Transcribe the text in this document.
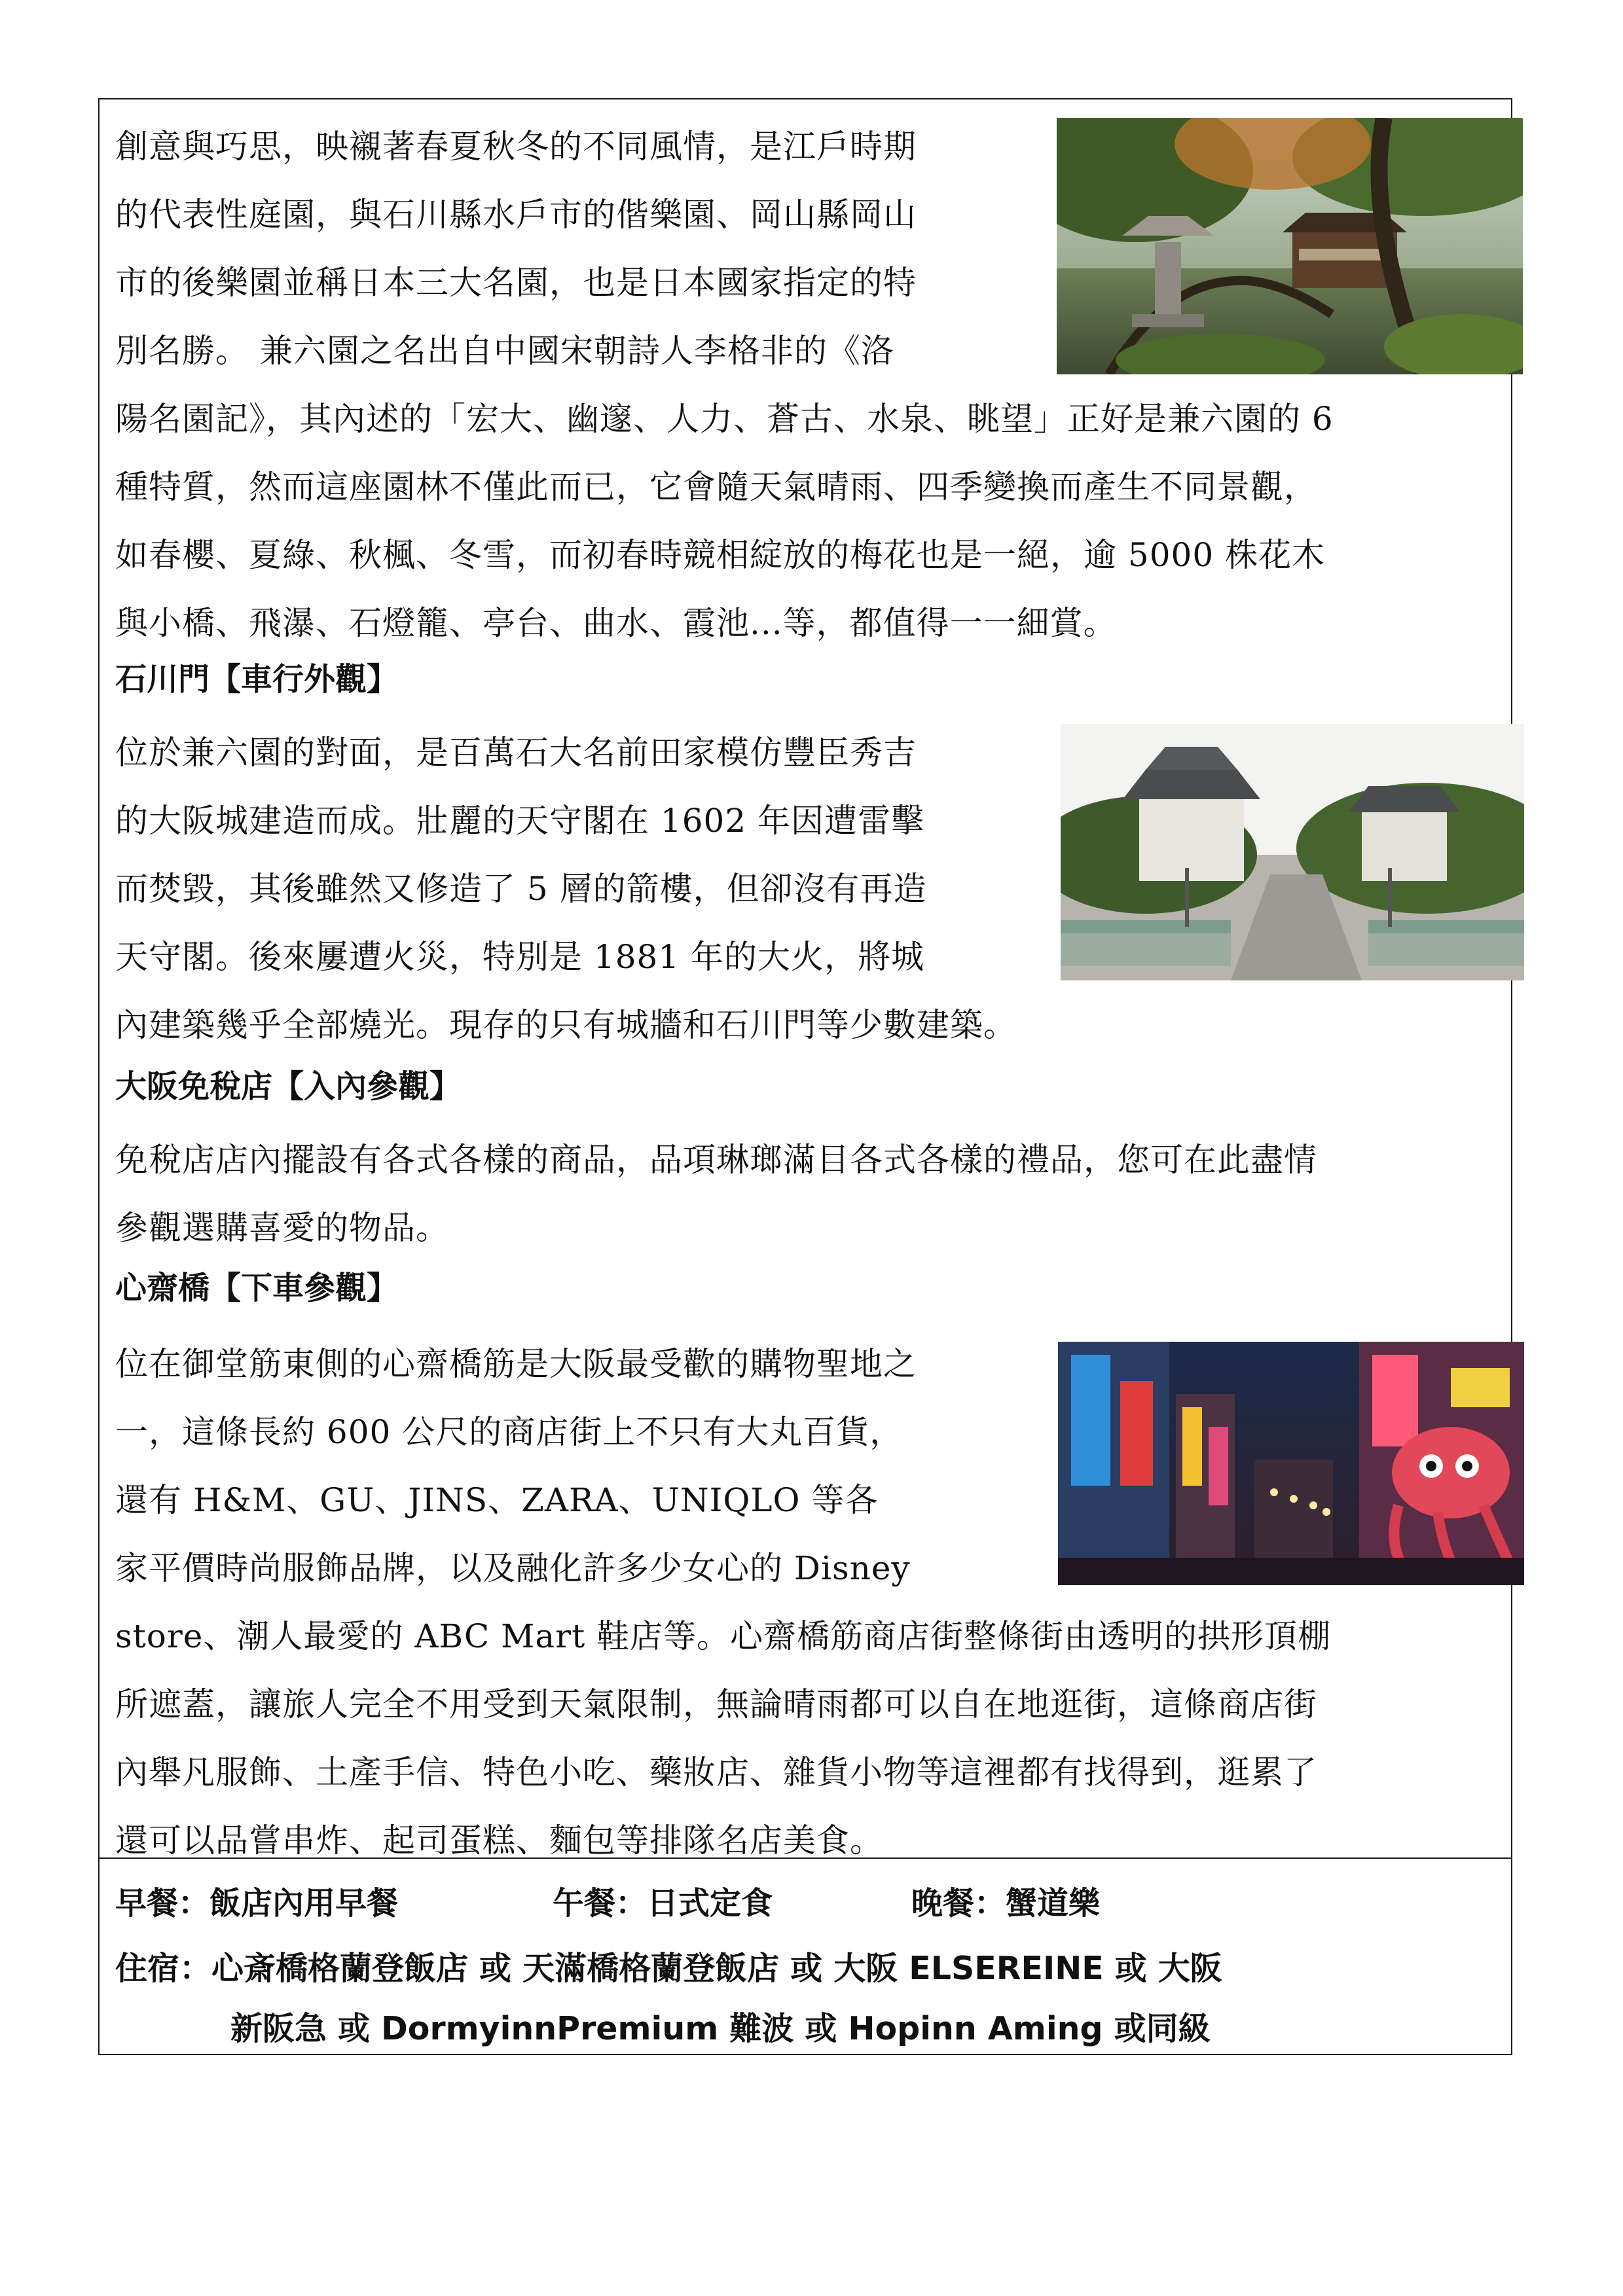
創意與巧思，映襯著春夏秋冬的不同風情，是江戶時期
的代表性庭園，與石川縣水戶市的偕樂園、岡山縣岡山
市的後樂園並稱日本三大名園，也是日本國家指定的特
別名勝。 兼六園之名出自中國宋朝詩人李格非的《洛
陽名園記》，其內述的「宏大、幽邃、人力、蒼古、水泉、眺望」正好是兼六園的 6
種特質，然而這座園林不僅此而已，它會隨天氣晴雨、四季變換而產生不同景觀，
如春櫻、夏綠、秋楓、冬雪，而初春時競相綻放的梅花也是一絕，逾 5000 株花木
與小橋、飛瀑、石燈籠、亭台、曲水、霞池...等，都值得一一細賞。
石川門【車行外觀】
位於兼六園的對面，是百萬石大名前田家模仿豐臣秀吉
的大阪城建造而成。壯麗的天守閣在 1602 年因遭雷擊
而焚毀，其後雖然又修造了 5 層的箭樓，但卻沒有再造
天守閣。後來屢遭火災，特別是 1881 年的大火，將城
內建築幾乎全部燒光。現存的只有城牆和石川門等少數建築。
大阪免稅店【入內參觀】
免稅店店內擺設有各式各樣的商品，品項琳瑯滿目各式各樣的禮品，您可在此盡情
參觀選購喜愛的物品。
心齋橋【下車參觀】
位在御堂筋東側的心齋橋筋是大阪最受歡的購物聖地之
一，這條長約 600 公尺的商店街上不只有大丸百貨，
還有 H&M、GU、JINS、ZARA、UNIQLO 等各
家平價時尚服飾品牌，以及融化許多少女心的 Disney
store、潮人最愛的 ABC Mart 鞋店等。心齋橋筋商店街整條街由透明的拱形頂棚
所遮蓋，讓旅人完全不用受到天氣限制，無論晴雨都可以自在地逛街，這條商店街
內舉凡服飾、土產手信、特色小吃、藥妝店、雜貨小物等這裡都有找得到，逛累了
還可以品嘗串炸、起司蛋糕、麵包等排隊名店美食。
早餐：飯店內用早餐	午餐：日式定食	晚餐：蟹道樂
住宿：心斎橋格蘭登飯店 或 天滿橋格蘭登飯店 或 大阪 ELSEREINE 或 大阪
新阪急 或 DormyinnPremium 難波 或 Hopinn Aming 或同級
